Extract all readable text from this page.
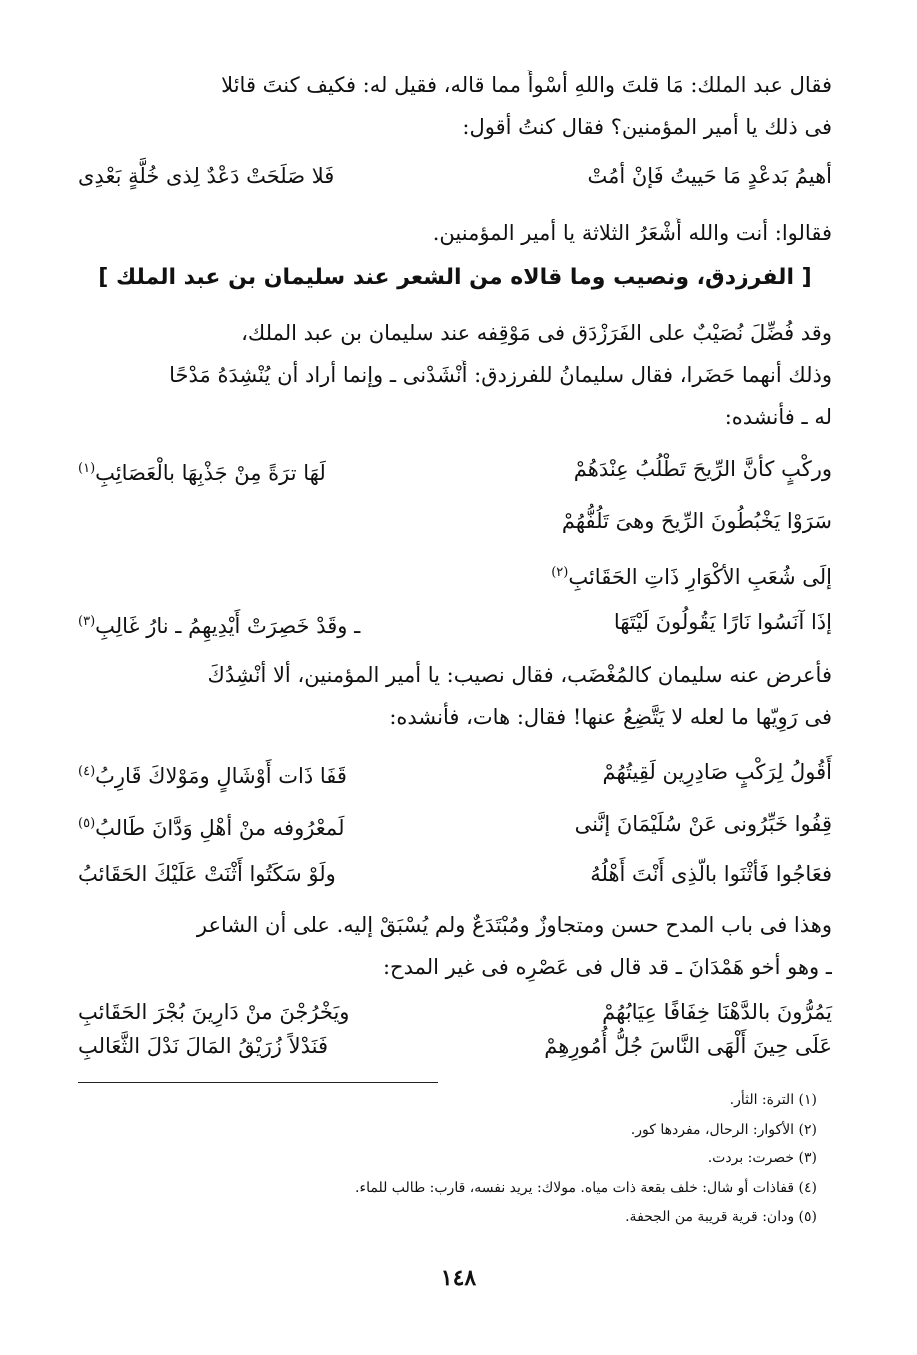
فقال عبد الملك: مَا قلتَ واللهِ أسْوأُ مما قاله، فقيل له: فكيف كنتَ قائلا
فى ذلك يا أمير المؤمنين؟ فقال كنتُ أقول:
أهيمُ بَدعْدٍ مَا حَييتُ فَإنْ أمُتْ
فَلا صَلَحَتْ دَعْدٌ لِذى خُلَّةٍ بَعْدِى
فقالوا: أنت والله أَشْعَرُ الثلاثة يا أمير المؤمنين.
[ الفرزدق، ونصيب وما قالاه من الشعر عند سليمان بن عبد الملك ]
وقد فُضِّلَ نُصَيْبٌ على الفَرَزْدَق فى مَوْقِفه عند سليمان بن عبد الملك،
وذلك أنهما حَضَرا، فقال سليمانُ للفرزدق: أَنْشَدْنى ـ وإنما أراد أن يُنْشِدَهُ مَدْحًا
له ـ فأنشده:
وركْبٍ كأنَّ الرِّيحَ تَطْلُبُ عِنْدَهُمْ
لَهَا ترَةً مِنْ جَذْبِهَا بالْعَصَائِبِ$^{(١)}$
سَرَوْا يَخْبُطُونَ الرِّيحَ وهىَ تَلُفُّهُمْ
إلَى شُعَبِ الأكْوَارِ ذَاتِ الحَقَائبِ$^{(٢)}$
إذَا آنَسُوا نَارًا يَقُولُونَ لَيْتَهَا
ـ وقَدْ خَصِرَتْ أَيْدِيهِمُ ـ نارُ غَالِبِ$^{(٣)}$
فأعرض عنه سليمان كالمُغْضَب، فقال نصيب: يا أمير المؤمنين، ألا أنْشِدُكَ
فى رَوِيّها ما لعله لا يَتَّضِعُ عنها! فقال: هات، فأنشده:
أَقُولُ لِرَكْبٍ صَادِرِين لَقِيتُهُمْ
قَفَا ذَات أَوْشَالٍ ومَوْلاكَ قَارِبُ$^{(٤)}$
قِفُوا خَبِّرُونى عَنْ سُلَيْمَانَ إنَّنى
لَمعْرُوفه منْ أهْلِ وَدَّانَ طَالبُ$^{(٥)}$
فعَاجُوا فَأثْنَوا بالّذِى أَنْتَ أَهْلُهُ
ولَوْ سَكَتُوا أَثْنَتْ عَلَيْكَ الحَقَائبُ
وهذا فى باب المدح حسن ومتجاوزٌ ومُبْتَدَعٌ ولم يُسْبَقْ إليه. على أن الشاعر
ـ وهو أخو هَمْدَانَ ـ قد قال فى عَصْرِه فى غير المدح:
يَمُرُّونَ بالدَّهْنَا خِفَافًا عِيَابُهُمْ
ويَخْرُجْنَ منْ دَارِينَ بُجْرَ الحَقَائبِ
عَلَى حِينَ أَلْهَى النَّاسَ جُلُّ أُمُورِهِمْ
فَنَدْلاً زُرَيْقُ المَالَ نَدْلَ الثَّعَالبِ
(١) الترة: الثأر.
(٢) الأكوار: الرحال، مفردها كور.
(٣) خصرت: بردت.
(٤) قفاذات أو شال: خلف بقعة ذات مياه. مولاك: يريد نفسه، قارب: طالب للماء.
(٥) ودان: قرية قريبة من الجحفة.
١٤٨
